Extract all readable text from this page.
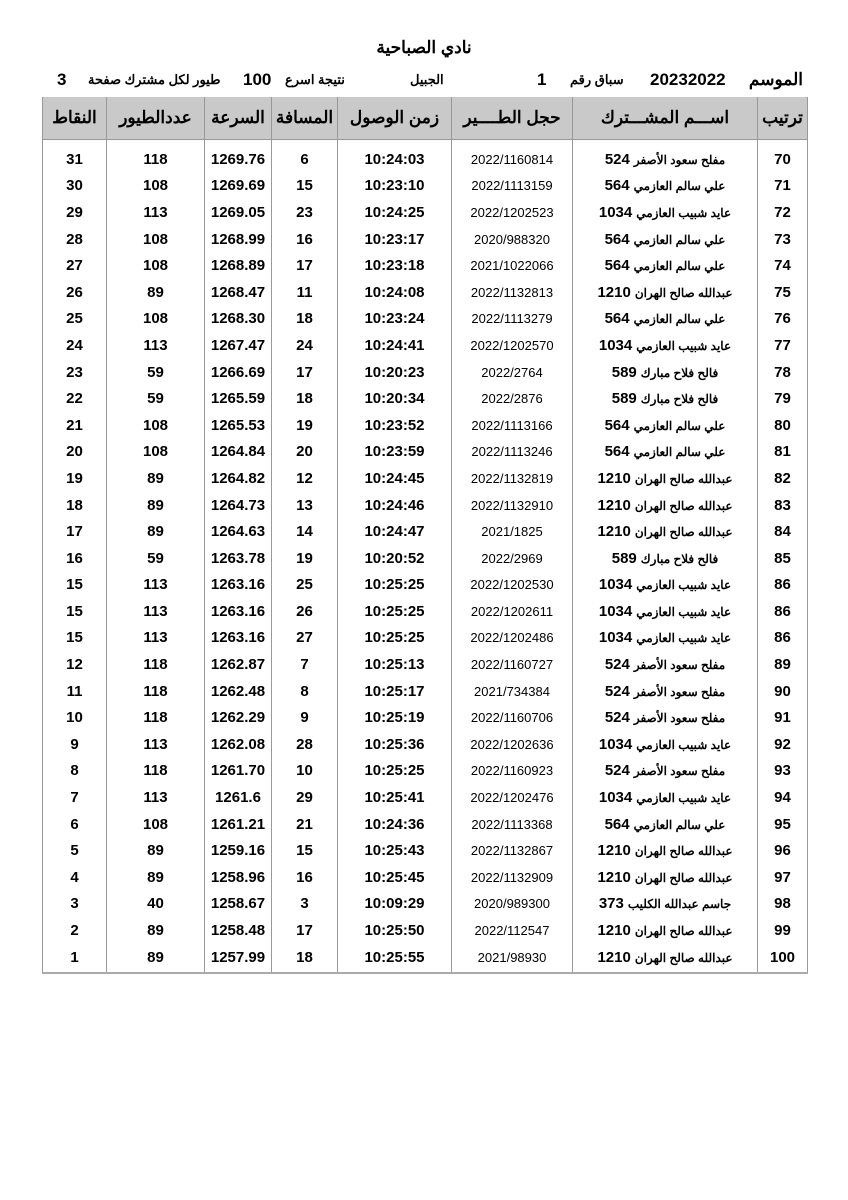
نادي الصباحية
الموسم
20232022
سباق رقم
1
الجبيل
نتيجة اسرع
100
طيور لكل مشترك صفحة
3
ترتيب	اســـم المشـــترك	حجل الطــــير	زمن الوصول	المسافة	السرعة	عددالطيور	النقاط
70	مفلح سعود الأصفر524	2022/1160814	10:24:03	6	1269.76	118	31
71	علي سالم العازمي564	2022/1113159	10:23:10	15	1269.69	108	30
72	عايد شبيب العازمي1034	2022/1202523	10:24:25	23	1269.05	113	29
73	علي سالم العازمي564	2020/988320	10:23:17	16	1268.99	108	28
74	علي سالم العازمي564	2021/1022066	10:23:18	17	1268.89	108	27
75	عبدالله صالح الهران1210	2022/1132813	10:24:08	11	1268.47	89	26
76	علي سالم العازمي564	2022/1113279	10:23:24	18	1268.30	108	25
77	عايد شبيب العازمي1034	2022/1202570	10:24:41	24	1267.47	113	24
78	فالح فلاح مبارك589	2022/2764	10:20:23	17	1266.69	59	23
79	فالح فلاح مبارك589	2022/2876	10:20:34	18	1265.59	59	22
80	علي سالم العازمي564	2022/1113166	10:23:52	19	1265.53	108	21
81	علي سالم العازمي564	2022/1113246	10:23:59	20	1264.84	108	20
82	عبدالله صالح الهران1210	2022/1132819	10:24:45	12	1264.82	89	19
83	عبدالله صالح الهران1210	2022/1132910	10:24:46	13	1264.73	89	18
84	عبدالله صالح الهران1210	2021/1825	10:24:47	14	1264.63	89	17
85	فالح فلاح مبارك589	2022/2969	10:20:52	19	1263.78	59	16
86	عايد شبيب العازمي1034	2022/1202530	10:25:25	25	1263.16	113	15
86	عايد شبيب العازمي1034	2022/1202611	10:25:25	26	1263.16	113	15
86	عايد شبيب العازمي1034	2022/1202486	10:25:25	27	1263.16	113	15
89	مفلح سعود الأصفر524	2022/1160727	10:25:13	7	1262.87	118	12
90	مفلح سعود الأصفر524	2021/734384	10:25:17	8	1262.48	118	11
91	مفلح سعود الأصفر524	2022/1160706	10:25:19	9	1262.29	118	10
92	عايد شبيب العازمي1034	2022/1202636	10:25:36	28	1262.08	113	9
93	مفلح سعود الأصفر524	2022/1160923	10:25:25	10	1261.70	118	8
94	عايد شبيب العازمي1034	2022/1202476	10:25:41	29	1261.6	113	7
95	علي سالم العازمي564	2022/1113368	10:24:36	21	1261.21	108	6
96	عبدالله صالح الهران1210	2022/1132867	10:25:43	15	1259.16	89	5
97	عبدالله صالح الهران1210	2022/1132909	10:25:45	16	1258.96	89	4
98	جاسم عبدالله الكليب373	2020/989300	10:09:29	3	1258.67	40	3
99	عبدالله صالح الهران1210	2022/112547	10:25:50	17	1258.48	89	2
100	عبدالله صالح الهران1210	2021/98930	10:25:55	18	1257.99	89	1
